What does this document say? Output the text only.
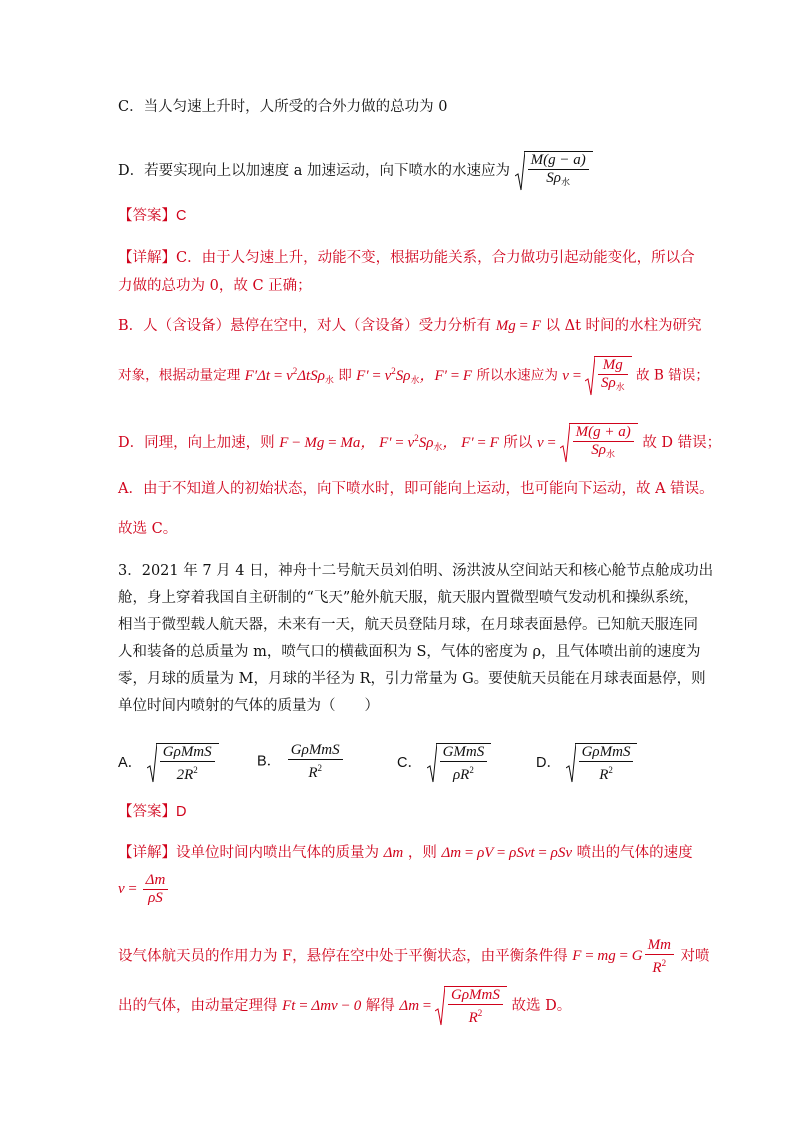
C．当人匀速上升时，人所受的合外力做的总功为 0
D．若要实现向上以加速度 a 加速运动，向下喷水的水速应为 $\frac{M(g - a)}{S\rho_水}$
【答案】C
【详解】C．由于人匀速上升，动能不变，根据功能关系，合力做功引起动能变化，所以合
力做的总功为 0，故 C 正确；
B．人（含设备）悬停在空中，对人（含设备）受力分析有 Mg = F 以 Δt 时间的水柱为研究
对象，根据动量定理 $F'\Delta t = v^2\Delta tS\rho_水$ 即 $F' = v^2S\rho_水$，F′ = F 所以水速应为 $v = \frac{Mg}{S\rho_水}$ 故 B 错误；
D．同理，向上加速，则 F − Mg = Ma， $F' = v^2S\rho_水$， F′ = F 所以 $v = \frac{M(g + a)}{S\rho_水}$ 故 D 错误；
A．由于不知道人的初始状态，向下喷水时，即可能向上运动，也可能向下运动，故 A 错误。
故选 C。
3．2021 年 7 月 4 日，神舟十二号航天员刘伯明、汤洪波从空间站天和核心舱节点舱成功出
舱，身上穿着我国自主研制的“飞天”舱外航天服，航天服内置微型喷气发动机和操纵系统，
相当于微型载人航天器，未来有一天，航天员登陆月球，在月球表面悬停。已知航天服连同
人和装备的总质量为 m，喷气口的横截面积为 S，气体的密度为 ρ，且气体喷出前的速度为
零，月球的质量为 M，月球的半径为 R，引力常量为 G。要使航天员能在月球表面悬停，则
单位时间内喷射的气体的质量为（　　）
A． $\frac{\text{GρMmS}}{2R^2}$	B． $\frac{\text{GρMmS}}{R^2}$	C． $\frac{\text{GMmS}}{\rho R^2}$	D． $\frac{\text{GρMmS}}{R^2}$
【答案】D
【详解】设单位时间内喷出气体的质量为 Δm ，则 Δm = ρV = ρSvt = ρSv 喷出的气体的速度
$v = \frac{\Delta m}{\rho S}$
设气体航天员的作用力为 F，悬停在空中处于平衡状态，由平衡条件得 F = mg = G $\frac{Mm}{R^2}$ 对喷
出的气体，由动量定理得 Ft = Δmv − 0 解得 $\Delta m = \frac{\text{GρMmS}}{R^2}$ 故选 D。
